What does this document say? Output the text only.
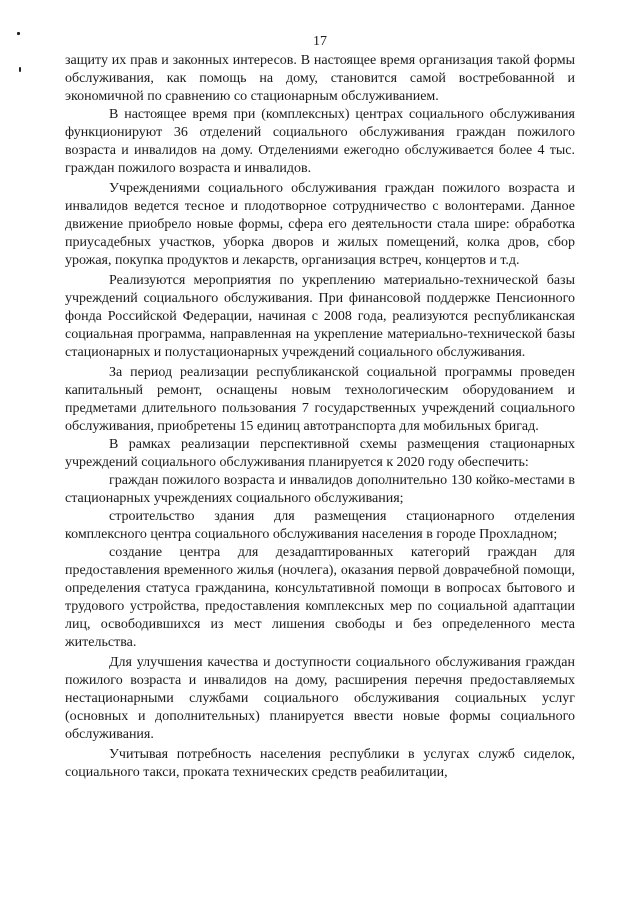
17

защиту их прав и законных интересов. В настоящее время организация такой формы обслуживания, как помощь на дому, становится самой востребованной и экономичной по сравнению со стационарным обслуживанием.

В настоящее время при (комплексных) центрах социального обслуживания функционируют 36 отделений социального обслуживания граждан пожилого возраста и инвалидов на дому. Отделениями ежегодно обслуживается более 4 тыс. граждан пожилого возраста и инвалидов.

Учреждениями социального обслуживания граждан пожилого возраста и инвалидов ведется тесное и плодотворное сотрудничество с волонтерами. Данное движение приобрело новые формы, сфера его деятельности стала шире: обработка приусадебных участков, уборка дворов и жилых помещений, колка дров, сбор урожая, покупка продуктов и лекарств, организация встреч, концертов и т.д.

Реализуются мероприятия по укреплению материально-технической базы учреждений социального обслуживания. При финансовой поддержке Пенсионного фонда Российской Федерации, начиная с 2008 года, реализуются республиканская социальная программа, направленная на укрепление материально-технической базы стационарных и полустационарных учреждений социального обслуживания.

За период реализации республиканской социальной программы проведен капитальный ремонт, оснащены новым технологическим оборудованием и предметами длительного пользования 7 государственных учреждений социального обслуживания, приобретены 15 единиц автотранспорта для мобильных бригад.

В рамках реализации перспективной схемы размещения стационарных учреждений социального обслуживания планируется к 2020 году обеспечить:

граждан пожилого возраста и инвалидов дополнительно 130 койко-местами в стационарных учреждениях социального обслуживания;

строительство здания для размещения стационарного отделения комплексного центра социального обслуживания населения в городе Прохладном;

создание центра для дезадаптированных категорий граждан для предоставления временного жилья (ночлега), оказания первой доврачебной помощи, определения статуса гражданина, консультативной помощи в вопросах бытового и трудового устройства, предоставления комплексных мер по социальной адаптации лиц, освободившихся из мест лишения свободы и без определенного места жительства.

Для улучшения качества и доступности социального обслуживания граждан пожилого возраста и инвалидов на дому, расширения перечня предоставляемых нестационарными службами социального обслуживания социальных услуг (основных и дополнительных) планируется ввести новые формы социального обслуживания.

Учитывая потребность населения республики в услугах служб сиделок, социального такси, проката технических средств реабилитации,
